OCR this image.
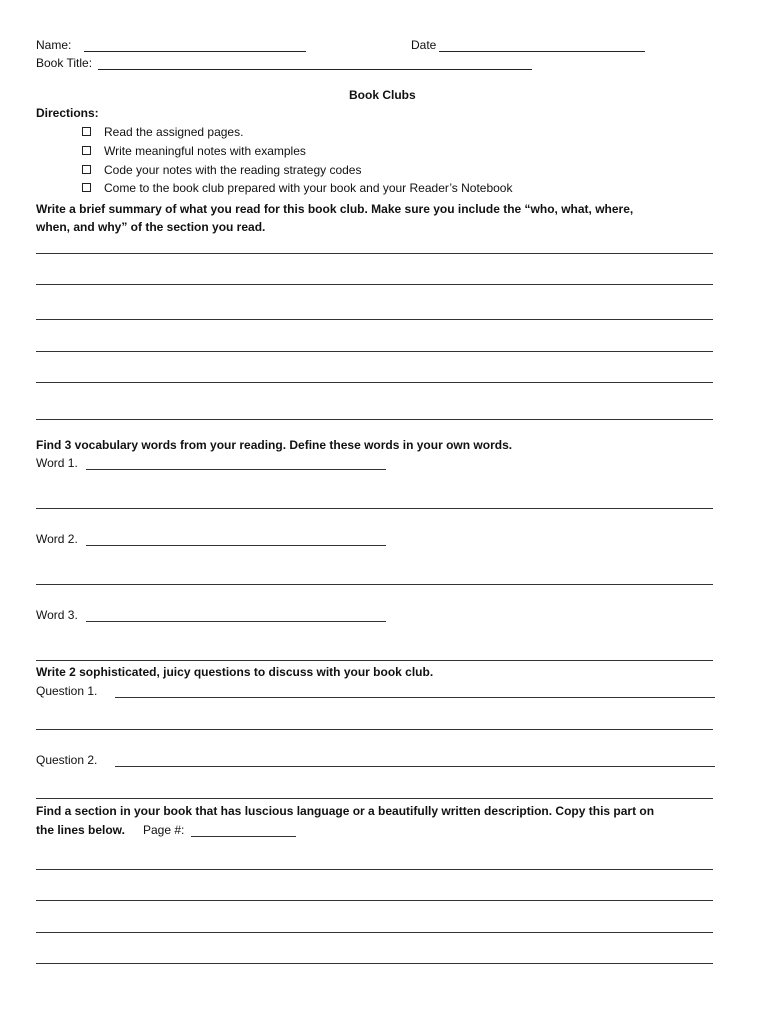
Name:	Date
Book Title:
Book Clubs
Directions:
Read the assigned pages.
Write meaningful notes with examples
Code your notes with the reading strategy codes
Come to the book club prepared with your book and your Reader’s Notebook
Write a brief summary of what you read for this book club. Make sure you include the “who, what, where,
when, and why” of the section you read.
Find 3 vocabulary words from your reading. Define these words in your own words.
Word 1.
Word 2.
Word 3.
Write 2 sophisticated, juicy questions to discuss with your book club.
Question 1.
Question 2.
Find a section in your book that has luscious language or a beautifully written description. Copy this part on
the lines below. Page #:
